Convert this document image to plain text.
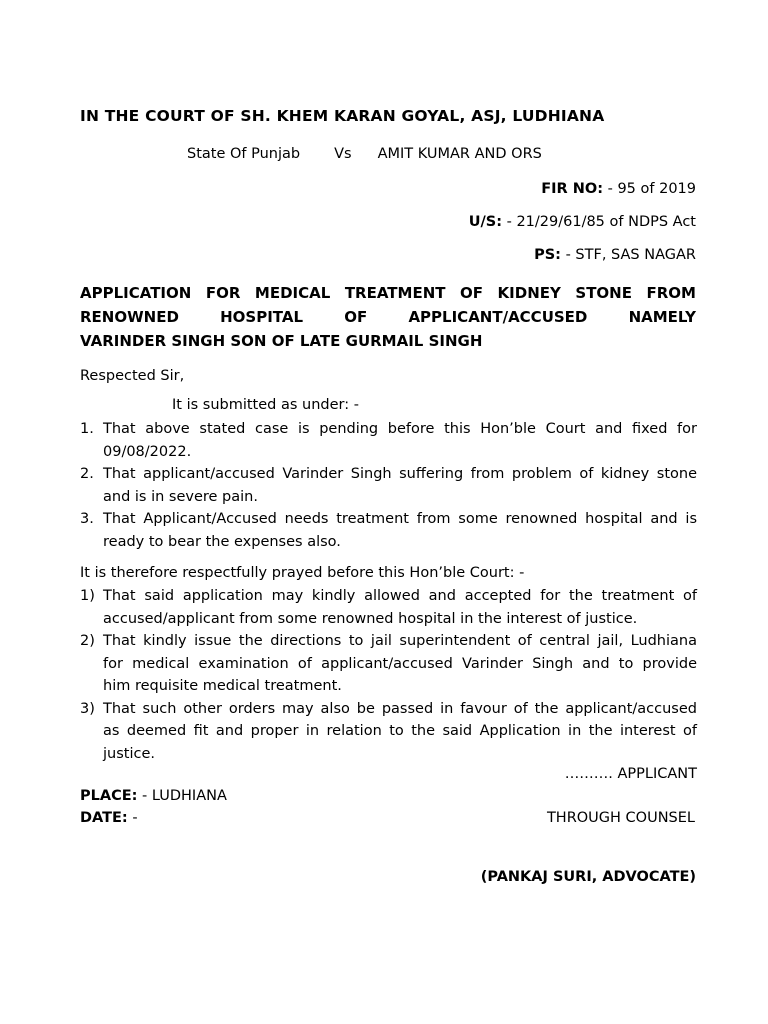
IN THE COURT OF SH. KHEM KARAN GOYAL, ASJ, LUDHIANA
State Of Punjab Vs AMIT KUMAR AND ORS
FIR NO: - 95 of 2019
U/S: - 21/29/61/85 of NDPS Act
PS: - STF, SAS NAGAR
APPLICATION FOR MEDICAL TREATMENT OF KIDNEY STONE FROM
RENOWNED HOSPITAL OF APPLICANT/ACCUSED NAMELY
VARINDER SINGH SON OF LATE GURMAIL SINGH
Respected Sir,
It is submitted as under: -
1. That above stated case is pending before this Hon’ble Court and fixed for
09/08/2022.
2. That applicant/accused Varinder Singh suffering from problem of kidney stone
and is in severe pain.
3. That Applicant/Accused needs treatment from some renowned hospital and is
ready to bear the expenses also.
It is therefore respectfully prayed before this Hon’ble Court: -
1) That said application may kindly allowed and accepted for the treatment of
accused/applicant from some renowned hospital in the interest of justice.
2) That kindly issue the directions to jail superintendent of central jail, Ludhiana
for medical examination of applicant/accused Varinder Singh and to provide
him requisite medical treatment.
3) That such other orders may also be passed in favour of the applicant/accused
as deemed fit and proper in relation to the said Application in the interest of
justice.
………. APPLICANT
PLACE: - LUDHIANA
DATE: -	THROUGH COUNSEL
(PANKAJ SURI, ADVOCATE)
